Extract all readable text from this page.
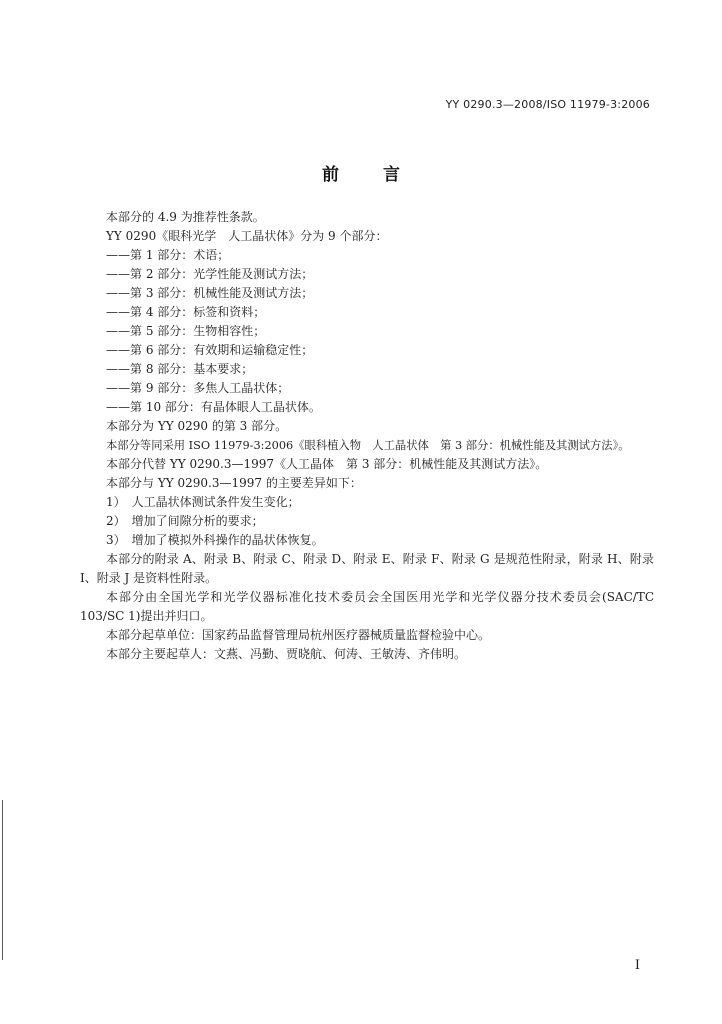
YY 0290.3—2008/ISO 11979-3:2006
前言

本部分的 4.9 为推荐性条款。

YY 0290《眼科光学　人工晶状体》分为 9 个部分：

——第 1 部分：术语；

——第 2 部分：光学性能及测试方法；

——第 3 部分：机械性能及测试方法；

——第 4 部分：标签和资料；

——第 5 部分：生物相容性；

——第 6 部分：有效期和运输稳定性；

——第 8 部分：基本要求；

——第 9 部分：多焦人工晶状体；

——第 10 部分：有晶体眼人工晶状体。

本部分为 YY 0290 的第 3 部分。

本部分等同采用 ISO 11979-3:2006《眼科植入物　人工晶状体　第 3 部分：机械性能及其测试方法》。

本部分代替 YY 0290.3—1997《人工晶体　第 3 部分：机械性能及其测试方法》。

本部分与 YY 0290.3—1997 的主要差异如下：

1）　人工晶状体测试条件发生变化；

2）　增加了间隙分析的要求；

3）　增加了模拟外科操作的晶状体恢复。

本部分的附录 A、附录 B、附录 C、附录 D、附录 E、附录 F、附录 G 是规范性附录，附录 H、附录 I、附录 J 是资料性附录。

本部分由全国光学和光学仪器标准化技术委员会全国医用光学和光学仪器分技术委员会(SAC/TC 103/SC 1)提出并归口。

本部分起草单位：国家药品监督管理局杭州医疗器械质量监督检验中心。

本部分主要起草人：文燕、冯勤、贾晓航、何涛、王敏涛、齐伟明。

I
